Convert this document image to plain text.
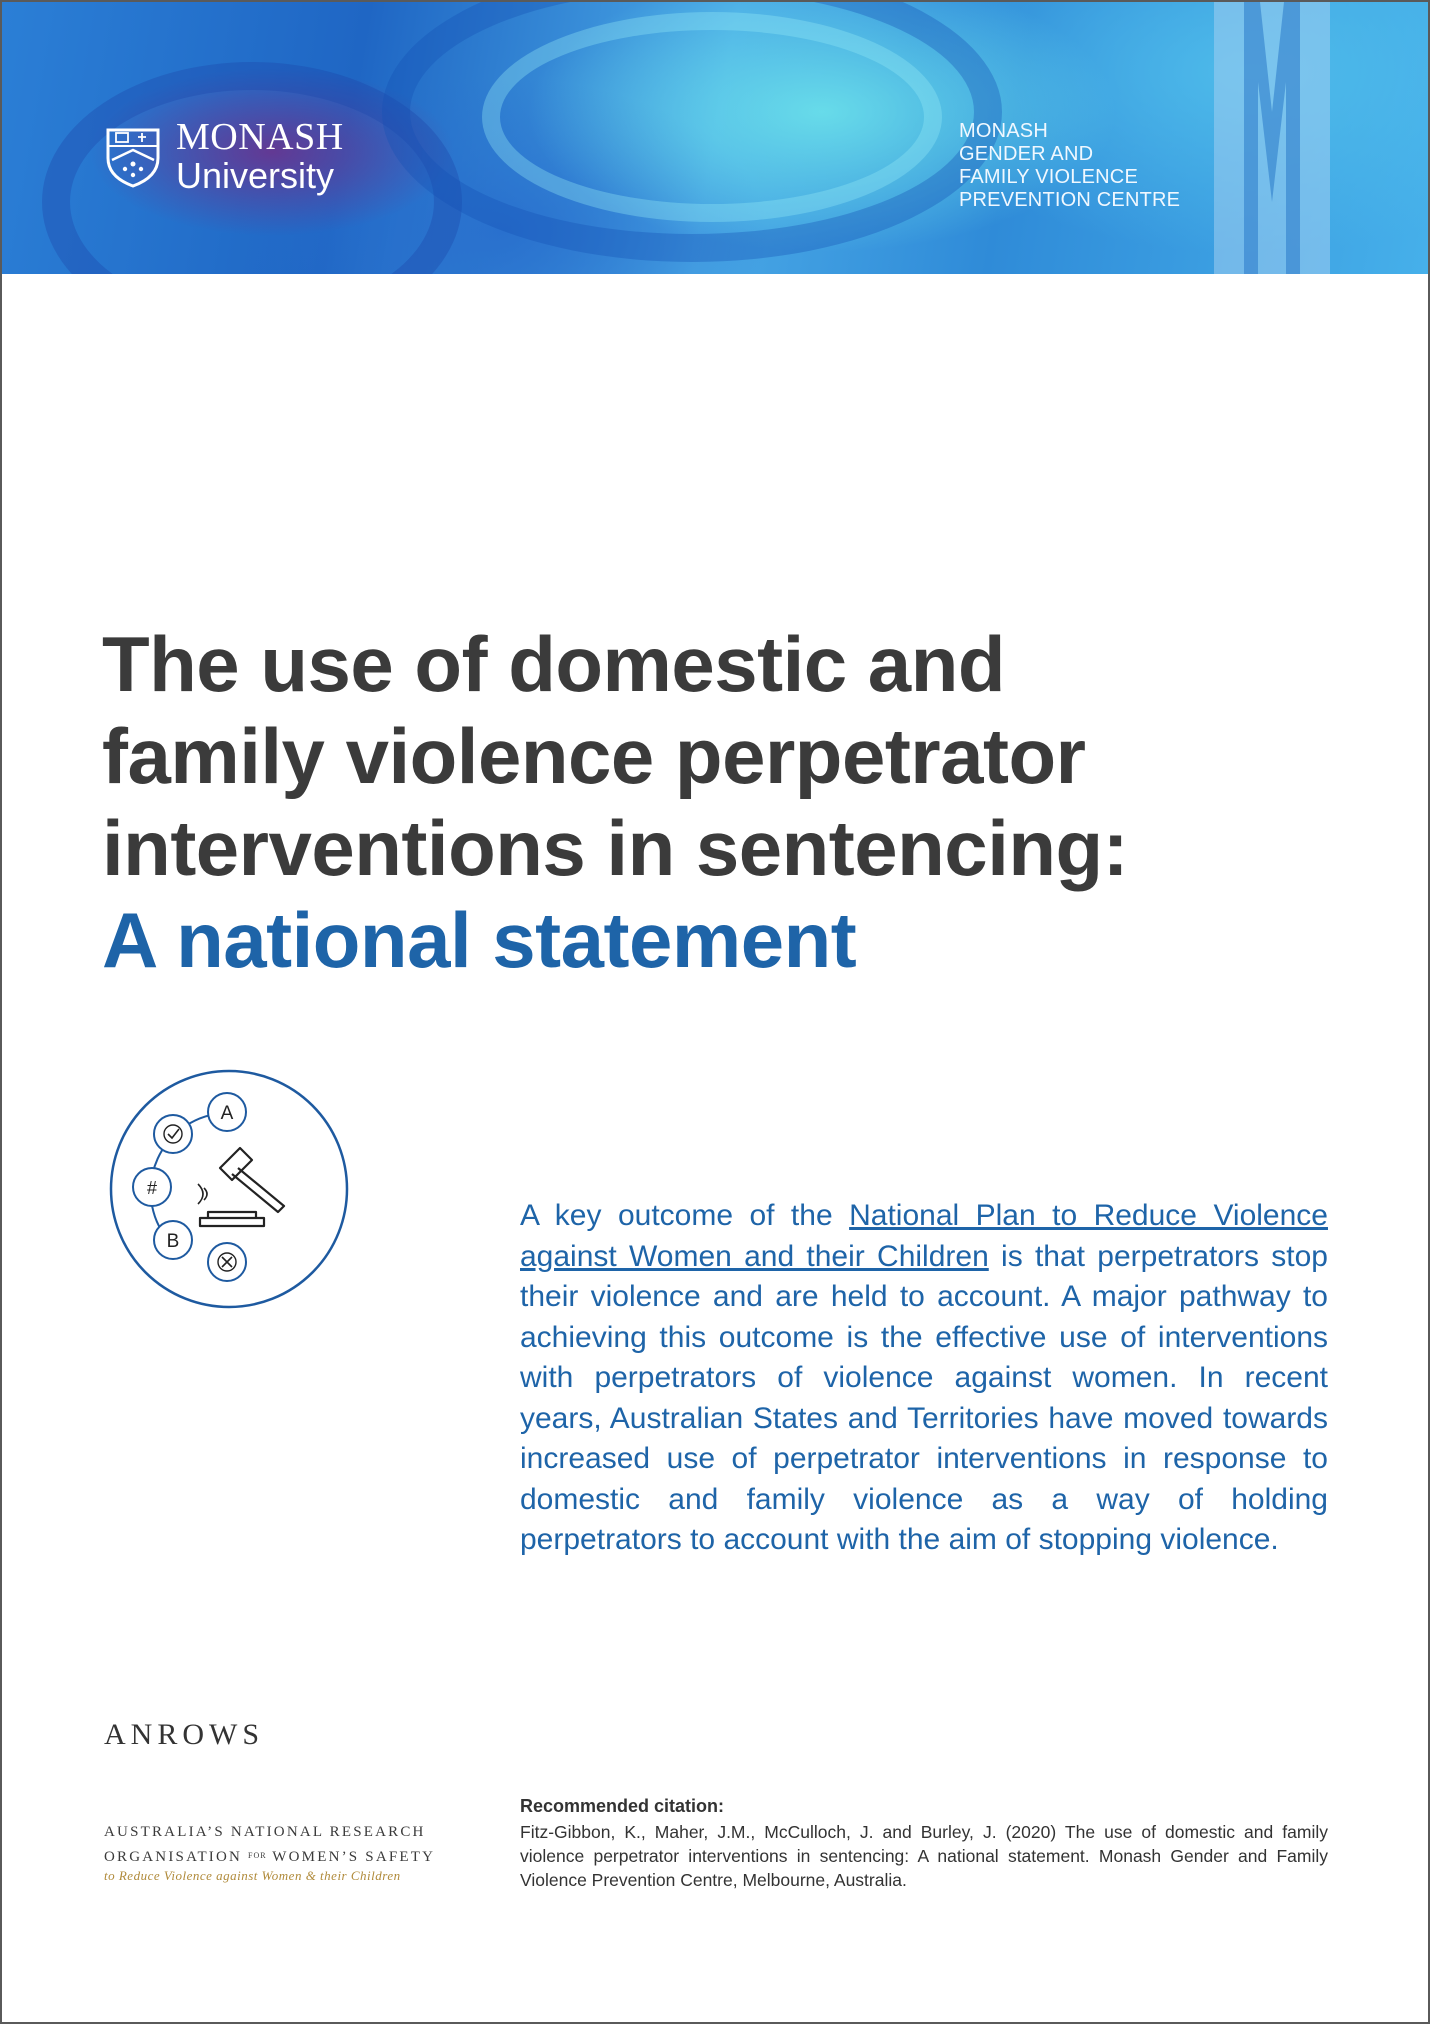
MONASH
University
MONASH
GENDER AND
FAMILY VIOLENCE
PREVENTION CENTRE
The use of domestic and
family violence perpetrator
interventions in sentencing:
A national statement
A
#
B

A key outcome of the National Plan to Reduce Violence against Women and their Children is that perpetrators stop their violence and are held to account. A major pathway to achieving this outcome is the effective use of interventions with perpetrators of violence against women. In recent years, Australian States and Territories have moved towards increased use of perpetrator interventions in response to domestic and family violence as a way of holding perpetrators to account with the aim of stopping violence.

ANROWS
AUSTRALIA’S NATIONAL RESEARCH
ORGANISATION $^{FOR}$ WOMEN’S SAFETY
to Reduce Violence against Women & their Children
Recommended citation:

Fitz-Gibbon, K., Maher, J.M., McCulloch, J. and Burley, J. (2020) The use of domestic and family violence perpetrator interventions in sentencing: A national statement. Monash Gender and Family Violence Prevention Centre, Melbourne, Australia.
